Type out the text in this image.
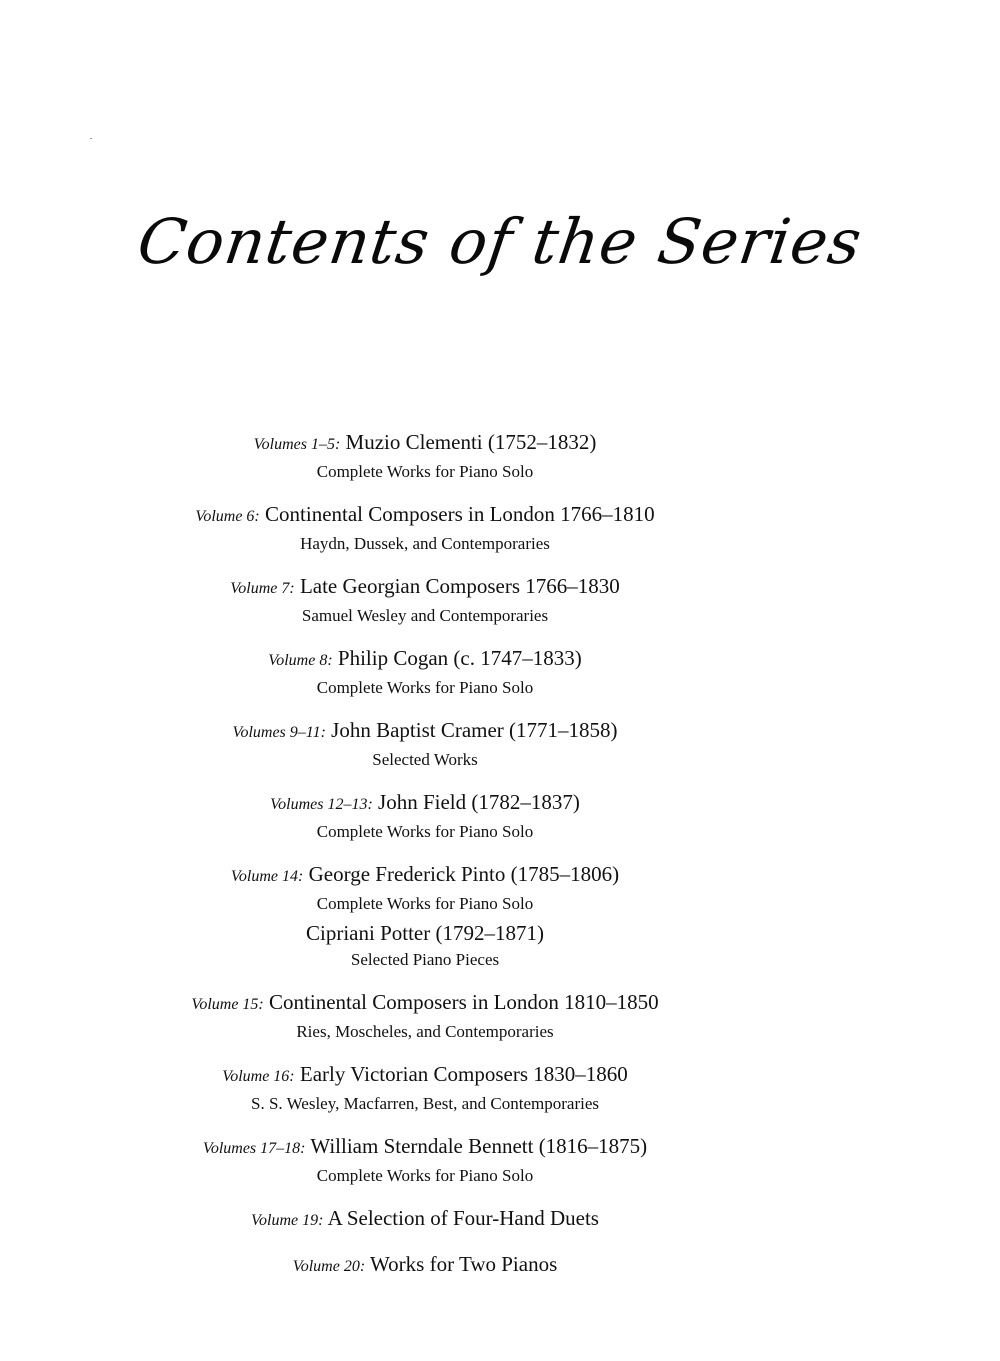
Contents of the Series
Volumes 1–5: Muzio Clementi (1752–1832)
Complete Works for Piano Solo
Volume 6: Continental Composers in London 1766–1810
Haydn, Dussek, and Contemporaries
Volume 7: Late Georgian Composers 1766–1830
Samuel Wesley and Contemporaries
Volume 8: Philip Cogan (c. 1747–1833)
Complete Works for Piano Solo
Volumes 9–11: John Baptist Cramer (1771–1858)
Selected Works
Volumes 12–13: John Field (1782–1837)
Complete Works for Piano Solo
Volume 14: George Frederick Pinto (1785–1806)
Complete Works for Piano Solo
Cipriani Potter (1792–1871)
Selected Piano Pieces
Volume 15: Continental Composers in London 1810–1850
Ries, Moscheles, and Contemporaries
Volume 16: Early Victorian Composers 1830–1860
S. S. Wesley, Macfarren, Best, and Contemporaries
Volumes 17–18: William Sterndale Bennett (1816–1875)
Complete Works for Piano Solo
Volume 19: A Selection of Four-Hand Duets
Volume 20: Works for Two Pianos
